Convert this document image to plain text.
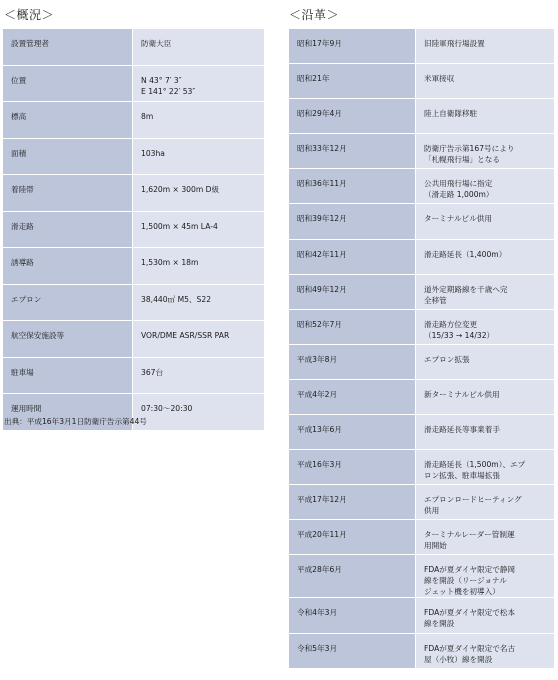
＜概況＞
設置管理者	防衛大臣

位置	N 43° 7′ 3″
E 141° 22′ 53″

標高	8m

面積	103ha

着陸帯	1,620m × 300m D級

滑走路	1,500m × 45m LA-4

誘導路	1,530m × 18m

エプロン	38,440㎡ M5、S22

航空保安施設等	VOR/DME ASR/SSR PAR

駐車場	367台

運用時間	07:30〜20:30
出典：平成16年3月1日防衛庁告示第44号
＜沿革＞
昭和17年9月	旧陸軍飛行場設置

昭和21年	米軍接収

昭和29年4月	陸上自衛隊移駐

昭和33年12月	防衛庁告示第167号により
「札幌飛行場」となる

昭和36年11月	公共用飛行場に指定
（滑走路 1,000m）

昭和39年12月	ターミナルビル供用

昭和42年11月	滑走路延長（1,400m）

昭和49年12月	道外定期路線を千歳へ完
全移管

昭和52年7月	滑走路方位変更
（15/33 → 14/32）

平成3年8月	エプロン拡張

平成4年2月	新ターミナルビル供用

平成13年6月	滑走路延長等事業着手

平成16年3月	滑走路延長（1,500m）、エプ
ロン拡張、駐車場拡張

平成17年12月	エプロンロードヒーティング
供用

平成20年11月	ターミナルレーダー管制運
用開始

平成28年6月	FDAが夏ダイヤ限定で静岡
線を開設（リージョナル
ジェット機を初導入）

令和4年3月	FDAが夏ダイヤ限定で松本
線を開設

令和5年3月	FDAが夏ダイヤ限定で名古
屋（小牧）線を開設
